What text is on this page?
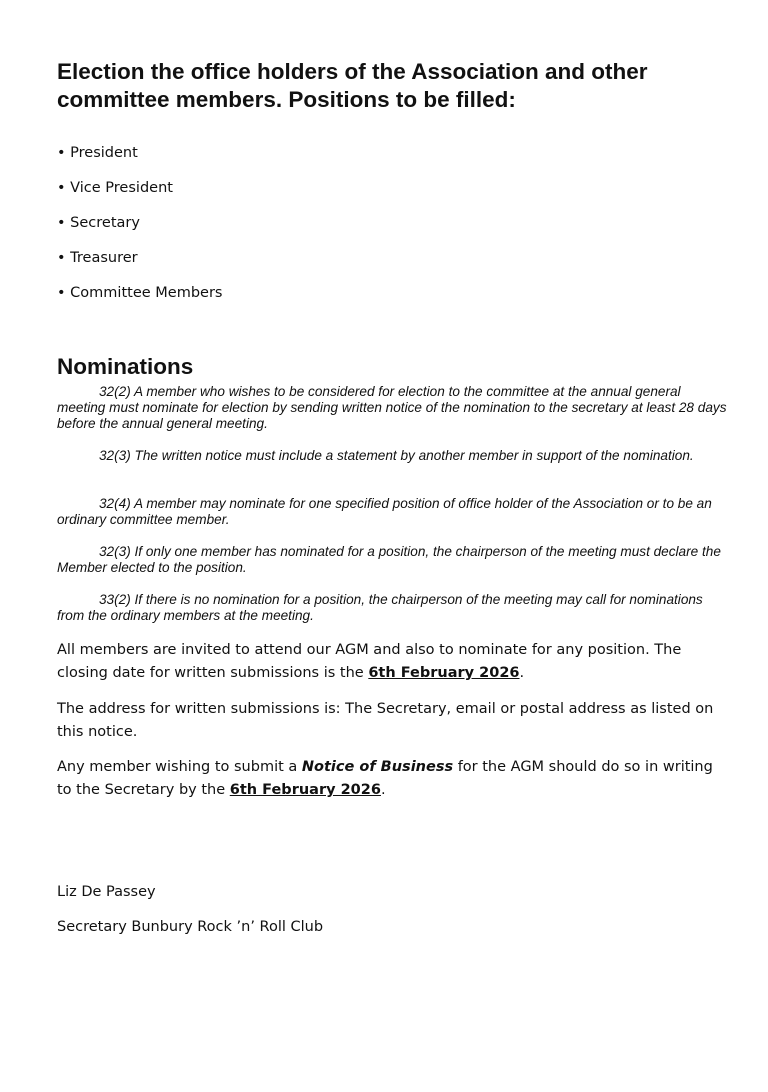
Election the office holders of the Association and other committee members. Positions to be filled:
• President
• Vice President
• Secretary
• Treasurer
• Committee Members
Nominations

32(2) A member who wishes to be considered for election to the committee at the annual general meeting must nominate for election by sending written notice of the nomination to the secretary at least 28 days before the annual general meeting.

32(3) The written notice must include a statement by another member in support of the nomination.

32(4) A member may nominate for one specified position of office holder of the Association or to be an ordinary committee member.

32(3) If only one member has nominated for a position, the chairperson of the meeting must declare the Member elected to the position.

33(2) If there is no nomination for a position, the chairperson of the meeting may call for nominations from the ordinary members at the meeting.

All members are invited to attend our AGM and also to nominate for any position. The closing date for written submissions is the 6th February 2026.

The address for written submissions is: The Secretary, email or postal address as listed on this notice.

Any member wishing to submit a Notice of Business for the AGM should do so in writing to the Secretary by the 6th February 2026.

Liz De Passey

Secretary Bunbury Rock ’n’ Roll Club
